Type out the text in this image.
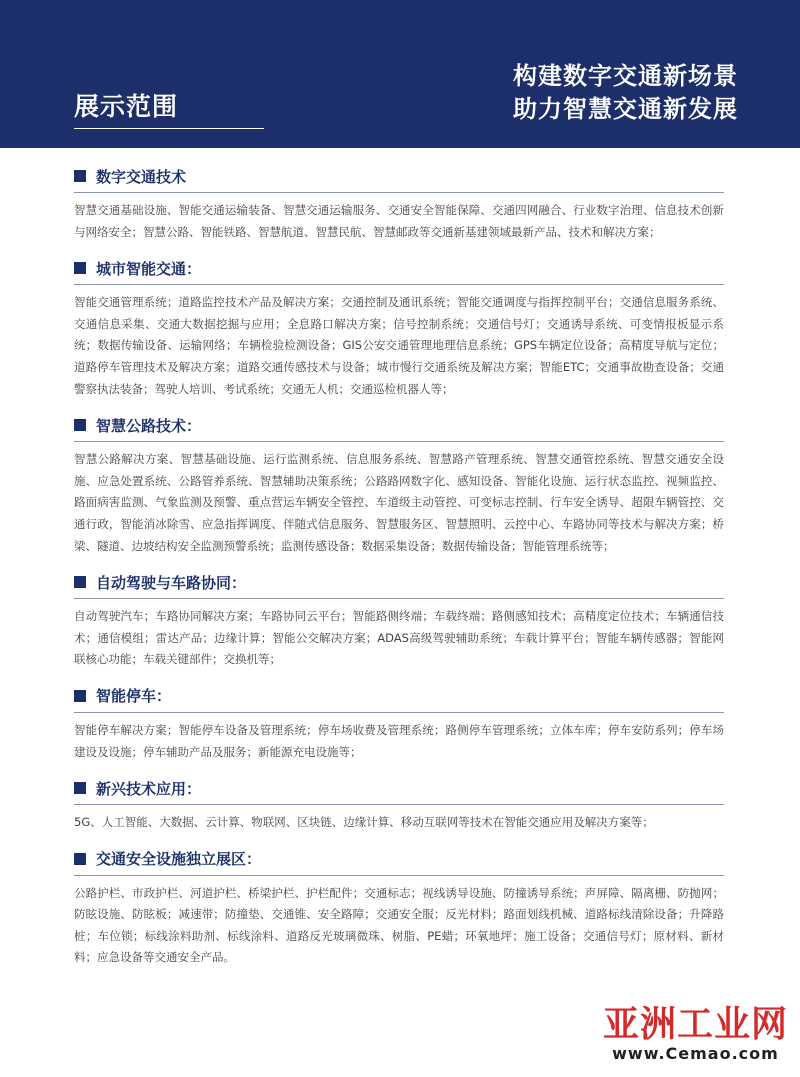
展示范围
构建数字交通新场景
助力智慧交通新发展
数字交通技术

智慧交通基础设施、智能交通运输装备、智慧交通运输服务、交通安全智能保障、交通四网融合、行业数字治理、信息技术创新与网络安全；智慧公路、智能铁路、智慧航道、智慧民航、智慧邮政等交通新基建领域最新产品、技术和解决方案；

城市智能交通：

智能交通管理系统；道路监控技术产品及解决方案；交通控制及通讯系统；智能交通调度与指挥控制平台；交通信息服务系统、交通信息采集、交通大数据挖掘与应用；全息路口解决方案；信号控制系统；交通信号灯；交通诱导系统、可变情报板显示系统；数据传输设备、运输网络；车辆检验检测设备；GIS公安交通管理地理信息系统；GPS车辆定位设备；高精度导航与定位；道路停车管理技术及解决方案；道路交通传感技术与设备；城市慢行交通系统及解决方案；智能ETC；交通事故勘查设备；交通警察执法装备；驾驶人培训、考试系统；交通无人机；交通巡检机器人等；

智慧公路技术：

智慧公路解决方案、智慧基础设施、运行监测系统、信息服务系统、智慧路产管理系统、智慧交通管控系统、智慧交通安全设施、应急处置系统、公路管养系统、智慧辅助决策系统；公路路网数字化、感知设备、智能化设施、运行状态监控、视频监控、路面病害监测、气象监测及预警、重点营运车辆安全管控、车道级主动管控、可变标志控制、行车安全诱导、超限车辆管控、交通行政，智能消冰除雪、应急指挥调度、伴随式信息服务、智慧服务区、智慧照明、云控中心、车路协同等技术与解决方案；桥梁、隧道、边坡结构安全监测预警系统；监测传感设备；数据采集设备；数据传输设备；智能管理系统等；

自动驾驶与车路协同：

自动驾驶汽车；车路协同解决方案；车路协同云平台；智能路侧终端；车载终端；路侧感知技术；高精度定位技术；车辆通信技术；通信模组；雷达产品；边缘计算；智能公交解决方案；ADAS高级驾驶辅助系统；车载计算平台；智能车辆传感器；智能网联核心功能；车载关键部件；交换机等；

智能停车：

智能停车解决方案；智能停车设备及管理系统；停车场收费及管理系统；路侧停车管理系统；立体车库；停车安防系列；停车场建设及设施；停车辅助产品及服务；新能源充电设施等；

新兴技术应用：

5G、人工智能、大数据、云计算、物联网、区块链、边缘计算、移动互联网等技术在智能交通应用及解决方案等；

交通安全设施独立展区：

公路护栏、市政护栏、河道护栏、桥梁护栏、护栏配件；交通标志；视线诱导设施、防撞诱导系统；声屏障、隔离栅、防抛网；防眩设施、防眩板；减速带；防撞垫、交通锥、安全路障；交通安全服；反光材料；路面划线机械、道路标线清除设备；升降路桩；车位锁；标线涂料助剂、标线涂料、道路反光玻璃微珠、树脂、PE蜡；环氧地坪；施工设备；交通信号灯；原材料、新材料；应急设备等交通安全产品。

亚洲工业网
www.Cemao.com
